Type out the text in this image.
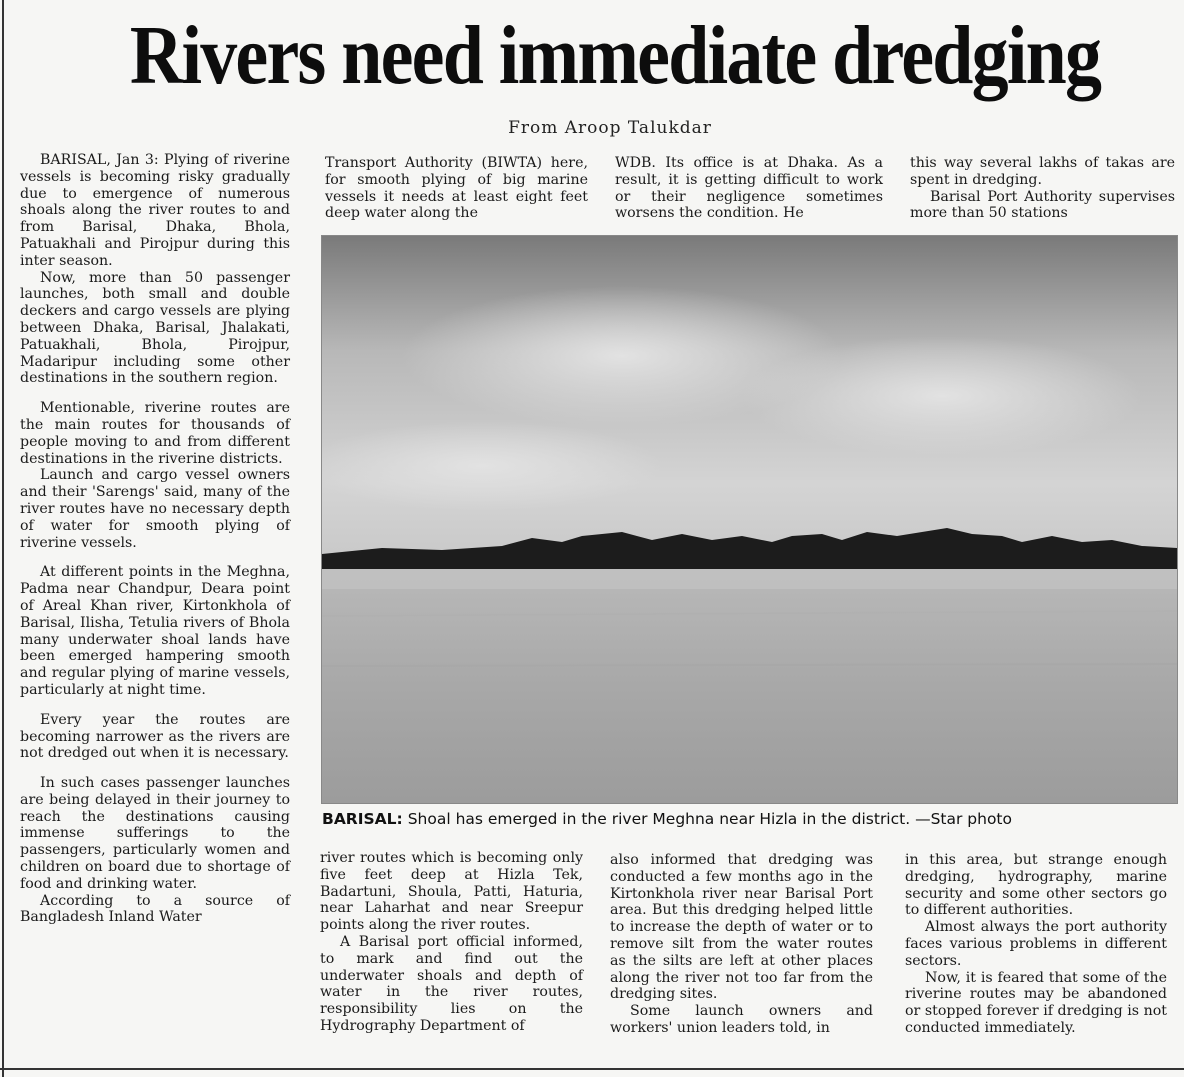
Rivers need immediate dredging
From Aroop Talukdar

BARISAL, Jan 3: Plying of riverine vessels is becoming risky gradually due to emergence of numerous shoals along the river routes to and from Barisal, Dhaka, Bhola, Patuakhali and Pirojpur during this inter season.

Now, more than 50 passenger launches, both small and double deckers and cargo vessels are plying between Dhaka, Barisal, Jhalakati, Patuakhali, Bhola, Pirojpur, Madaripur including some other destinations in the southern region.

Mentionable, riverine routes are the main routes for thousands of people moving to and from different destinations in the riverine districts.

Launch and cargo vessel owners and their 'Sarengs' said, many of the river routes have no necessary depth of water for smooth plying of riverine vessels.

At different points in the Meghna, Padma near Chandpur, Deara point of Areal Khan river, Kirtonkhola of Barisal, Ilisha, Tetulia rivers of Bhola many underwater shoal lands have been emerged hampering smooth and regular plying of marine vessels, particularly at night time.

Every year the routes are becoming narrower as the rivers are not dredged out when it is necessary.

In such cases passenger launches are being delayed in their journey to reach the destinations causing immense sufferings to the passengers, particularly women and children on board due to shortage of food and drinking water.

According to a source of Bangladesh Inland Water

Transport Authority (BIWTA) here, for smooth plying of big marine vessels it needs at least eight feet deep water along the

WDB. Its office is at Dhaka. As a result, it is getting difficult to work or their negligence sometimes worsens the condition. He

this way several lakhs of takas are spent in dredging.

Barisal Port Authority supervises more than 50 stations

BARISAL: Shoal has emerged in the river Meghna near Hizla in the district. —Star photo

river routes which is becoming only five feet deep at Hizla Tek, Badartuni, Shoula, Patti, Haturia, near Laharhat and near Sreepur points along the river routes.

A Barisal port official informed, to mark and find out the underwater shoals and depth of water in the river routes, responsibility lies on the Hydrography Department of

also informed that dredging was conducted a few months ago in the Kirtonkhola river near Barisal Port area. But this dredging helped little to increase the depth of water or to remove silt from the water routes as the silts are left at other places along the river not too far from the dredging sites.

Some launch owners and workers' union leaders told, in

in this area, but strange enough dredging, hydrography, marine security and some other sectors go to different authorities.

Almost always the port authority faces various problems in different sectors.

Now, it is feared that some of the riverine routes may be abandoned or stopped forever if dredging is not conducted immediately.
